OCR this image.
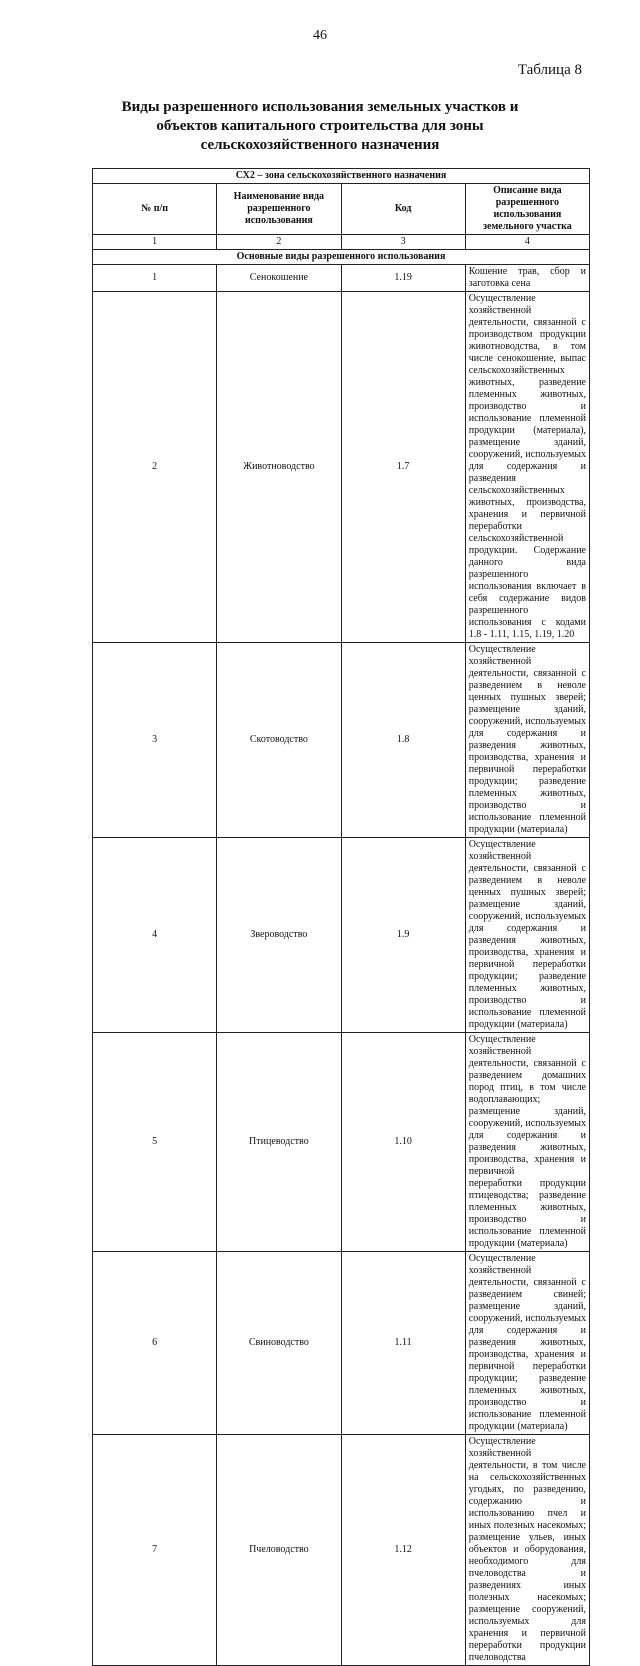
46
Таблица 8
Виды разрешенного использования земельных участков и объектов капитального строительства для зоны сельскохозяйственного назначения
СХ2 – зона сельскохозяйственного назначения			
№ п/п	Наименование вида разрешенного использования	Код	Описание вида разрешенного использования земельного участка
1	2	3	4
Основные виды разрешенного использования			
1	Сенокошение	1.19	Кошение трав, сбор и заготовка сена
2	Животноводство	1.7	Осуществление хозяйственной деятельности, связанной с производством продукции животноводства, в том числе сенокошение, выпас сельскохозяйственных животных, разведение племенных животных, производство и использование племенной продукции (материала), размещение зданий, сооружений, используемых для содержания и разведения сельскохозяйственных животных, производства, хранения и первичной переработки сельскохозяйственной продукции. Содержание данного вида разрешенного использования включает в себя содержание видов разрешенного использования с кодами 1.8 - 1.11, 1.15, 1.19, 1.20
3	Скотоводство	1.8	Осуществление хозяйственной деятельности, связанной с разведением в неволе ценных пушных зверей; размещение зданий, сооружений, используемых для содержания и разведения животных, производства, хранения и первичной переработки продукции; разведение племенных животных, производство и использование племенной продукции (материала)
4	Звероводство	1.9	Осуществление хозяйственной деятельности, связанной с разведением в неволе ценных пушных зверей; размещение зданий, сооружений, используемых для содержания и разведения животных, производства, хранения и первичной переработки продукции; разведение племенных животных, производство и использование племенной продукции (материала)
5	Птицеводство	1.10	Осуществление хозяйственной деятельности, связанной с разведением домашних пород птиц, в том числе водоплавающих; размещение зданий, сооружений, используемых для содержания и разведения животных, производства, хранения и первичной
переработки продукции птицеводства; разведение племенных животных, производство и использование племенной продукции (материала)

6	Свиноводство	1.11	Осуществление хозяйственной деятельности, связанной с разведением свиней; размещение зданий, сооружений, используемых для содержания и разведения животных, производства, хранения и первичной переработки продукции; разведение племенных животных, производство и использование племенной продукции (материала)
7	Пчеловодство	1.12	Осуществление хозяйственной деятельности, в том числе на сельскохозяйственных угодьях, по разведению, содержанию и использованию пчел и иных полезных насекомых; размещение ульев, иных объектов и оборудования, необходимого для пчеловодства и разведениях иных полезных насекомых; размещение сооружений, используемых для хранения и первичной переработки продукции пчеловодства
